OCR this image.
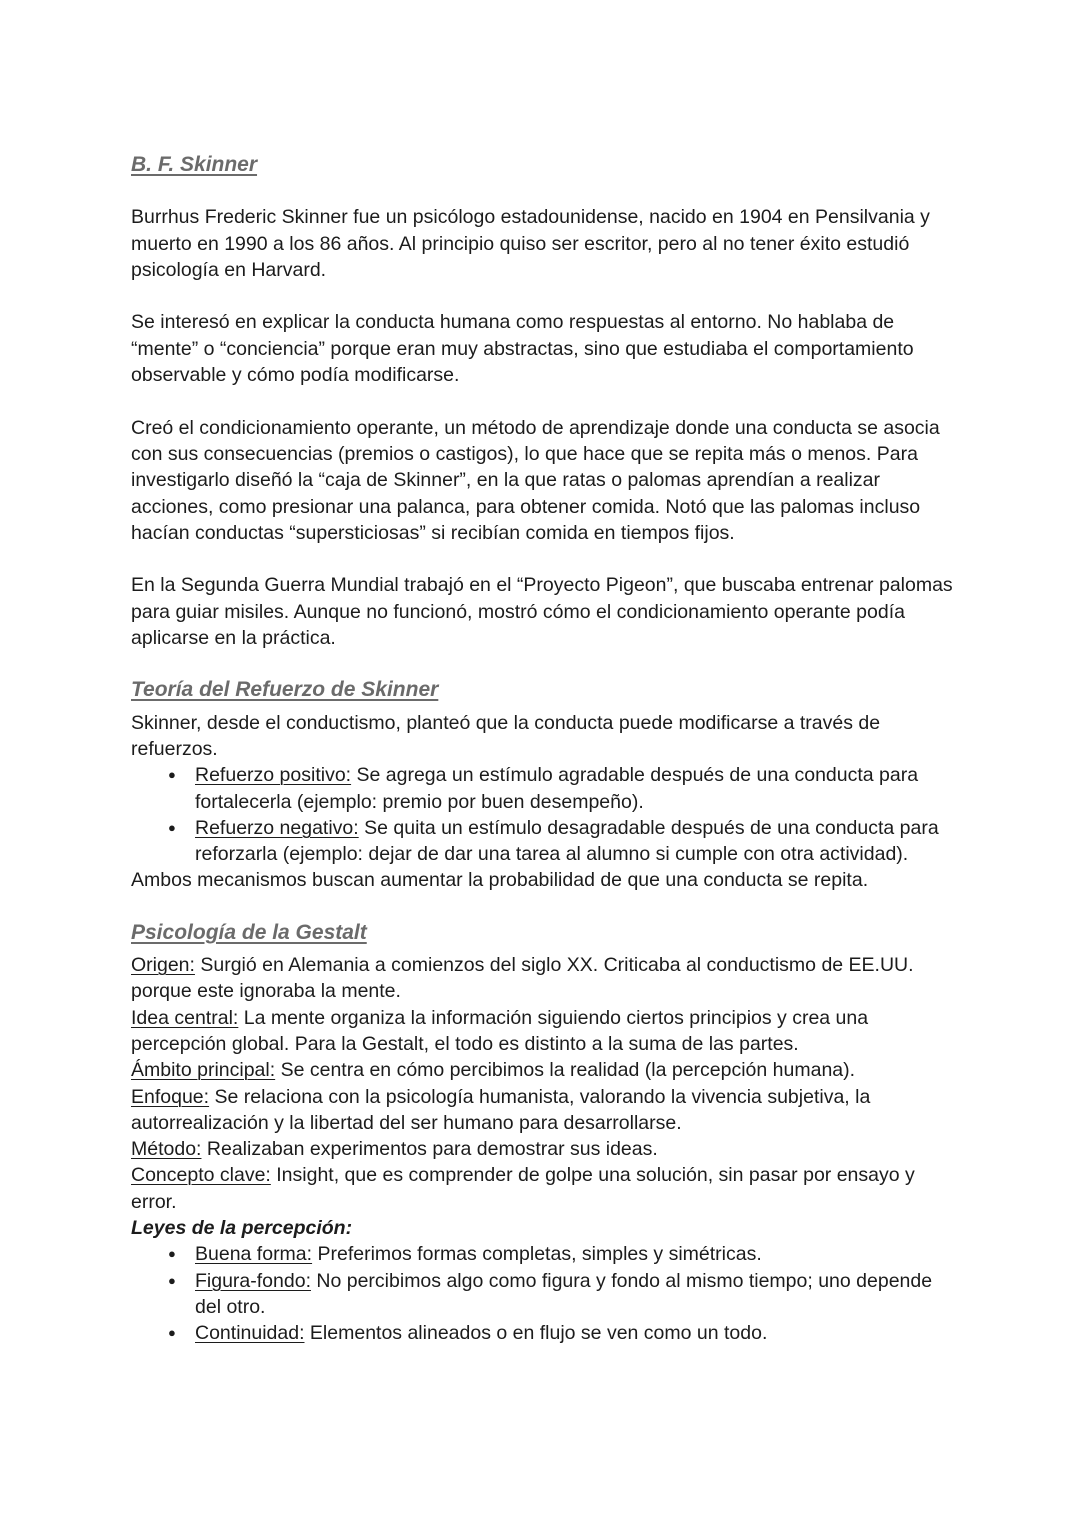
B. F. Skinner

Burrhus Frederic Skinner fue un psicólogo estadounidense, nacido en 1904 en Pensilvania y muerto en 1990 a los 86 años. Al principio quiso ser escritor, pero al no tener éxito estudió psicología en Harvard.

Se interesó en explicar la conducta humana como respuestas al entorno. No hablaba de “mente” o “conciencia” porque eran muy abstractas, sino que estudiaba el comportamiento observable y cómo podía modificarse.

Creó el condicionamiento operante, un método de aprendizaje donde una conducta se asocia con sus consecuencias (premios o castigos), lo que hace que se repita más o menos. Para investigarlo diseñó la “caja de Skinner”, en la que ratas o palomas aprendían a realizar acciones, como presionar una palanca, para obtener comida. Notó que las palomas incluso hacían conductas “supersticiosas” si recibían comida en tiempos fijos.

En la Segunda Guerra Mundial trabajó en el “Proyecto Pigeon”, que buscaba entrenar palomas para guiar misiles. Aunque no funcionó, mostró cómo el condicionamiento operante podía aplicarse en la práctica.

Teoría del Refuerzo de Skinner

Skinner, desde el conductismo, planteó que la conducta puede modificarse a través de refuerzos.

● Refuerzo positivo: Se agrega un estímulo agradable después de una conducta para fortalecerla (ejemplo: premio por buen desempeño).
● Refuerzo negativo: Se quita un estímulo desagradable después de una conducta para reforzarla (ejemplo: dejar de dar una tarea al alumno si cumple con otra actividad).

Ambos mecanismos buscan aumentar la probabilidad de que una conducta se repita.

Psicología de la Gestalt

Origen: Surgió en Alemania a comienzos del siglo XX. Criticaba al conductismo de EE.UU. porque este ignoraba la mente.

Idea central: La mente organiza la información siguiendo ciertos principios y crea una percepción global. Para la Gestalt, el todo es distinto a la suma de las partes.

Ámbito principal: Se centra en cómo percibimos la realidad (la percepción humana).

Enfoque: Se relaciona con la psicología humanista, valorando la vivencia subjetiva, la autorrealización y la libertad del ser humano para desarrollarse.

Método: Realizaban experimentos para demostrar sus ideas.

Concepto clave: Insight, que es comprender de golpe una solución, sin pasar por ensayo y error.

Leyes de la percepción:

● Buena forma: Preferimos formas completas, simples y simétricas.
● Figura-fondo: No percibimos algo como figura y fondo al mismo tiempo; uno depende del otro.
● Continuidad: Elementos alineados o en flujo se ven como un todo.
